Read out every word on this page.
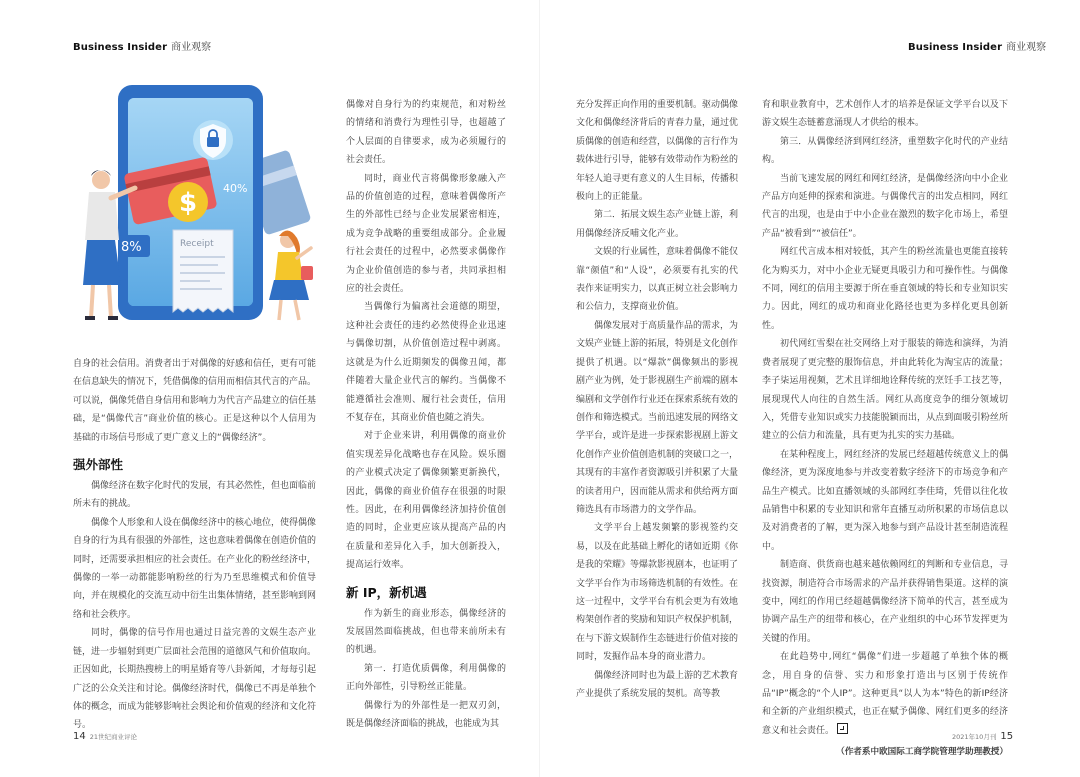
Business Insider 商业观察
$ 40%
8%	Receipt

自身的社会信用。消费者出于对偶像的好感和信任，更有可能在信息缺失的情况下，凭借偶像的信用而相信其代言的产品。可以说，偶像凭借自身信用和影响力为代言产品建立的信任基础，是“偶像代言”商业价值的核心。正是这种以个人信用为基础的市场信号形成了更广意义上的“偶像经济”。

强外部性

偶像经济在数字化时代的发展，有其必然性，但也面临前所未有的挑战。

偶像个人形象和人设在偶像经济中的核心地位，使得偶像自身的行为具有很强的外部性，这也意味着偶像在创造价值的同时，还需要承担相应的社会责任。在产业化的粉丝经济中，偶像的一举一动都能影响粉丝的行为乃至思维模式和价值导向，并在规模化的交流互动中衍生出集体情绪，甚至影响到网络和社会秩序。

同时，偶像的信号作用也通过日益完善的文娱生态产业链，进一步辐射到更广层面社会范围的道德风气和价值取向。正因如此，长期热搜榜上的明星婚育等八卦新闻，才每每引起广泛的公众关注和讨论。偶像经济时代，偶像已不再是单独个体的概念，而成为能够影响社会舆论和价值观的经济和文化符号。

偶像对自身行为的约束规范，和对粉丝的情绪和消费行为理性引导，也超越了个人层面的自律要求，成为必须履行的社会责任。

同时，商业代言将偶像形象融入产品的价值创造的过程，意味着偶像所产生的外部性已经与企业发展紧密相连，成为竞争战略的重要组成部分。企业履行社会责任的过程中，必然要求偶像作为企业价值创造的参与者，共同承担相应的社会责任。

当偶像行为偏离社会道德的期望，这种社会责任的违约必然使得企业迅速与偶像切割，从价值创造过程中剥离。这就是为什么近期频发的偶像丑闻，都伴随着大量企业代言的解约。当偶像不能遵循社会准则、履行社会责任，信用不复存在，其商业价值也随之消失。

对于企业来讲，利用偶像的商业价值实现差异化战略也存在风险。娱乐圈的产业模式决定了偶像频繁更新换代，因此，偶像的商业价值存在很强的时限性。因此，在利用偶像经济加持价值创造的同时，企业更应该从提高产品的内在质量和差异化入手，加大创新投入，提高运行效率。

新 IP，新机遇

作为新生的商业形态，偶像经济的发展固然面临挑战，但也带来前所未有的机遇。

第一．打造优质偶像，利用偶像的正向外部性，引导粉丝正能量。

偶像行为的外部性是一把双刃剑，既是偶像经济面临的挑战，也能成为其

14 21世纪商业评论
Business Insider 商业观察

充分发挥正向作用的重要机制。驱动偶像文化和偶像经济背后的青春力量，通过优质偶像的创造和经营，以偶像的言行作为载体进行引导，能够有效带动作为粉丝的年轻人追寻更有意义的人生目标，传播积极向上的正能量。

第二．拓展文娱生态产业链上游，利用偶像经济反哺文化产业。

文娱的行业属性，意味着偶像不能仅靠“颜值”和“人设”，必须要有扎实的代表作来证明实力，以真正树立社会影响力和公信力，支撑商业价值。

偶像发展对于高质量作品的需求，为文娱产业链上游的拓展，特别是文化创作提供了机遇。以“爆款”偶像频出的影视剧产业为例，处于影视剧生产前端的剧本编剧和文学创作行业还在探索系统有效的创作和筛选模式。当前迅速发展的网络文学平台，或许是进一步探索影视剧上游文化创作产业价值创造机制的突破口之一，其现有的丰富作者资源吸引并积累了大量的读者用户，因而能从需求和供给两方面筛选具有市场潜力的文学作品。

文学平台上越发频繁的影视签约交易，以及在此基础上孵化的诸如近期《你是我的荣耀》等爆款影视剧本，也证明了文学平台作为市场筛选机制的有效性。在这一过程中，文学平台有机会更为有效地构架创作者的奖励和知识产权保护机制，在与下游文娱制作生态链进行价值对接的同时，发掘作品本身的商业潜力。

偶像经济同时也为最上游的艺术教育产业提供了系统发展的契机。高等教

育和职业教育中，艺术创作人才的培养是保证文学平台以及下游文娱生态链蓄意涌现人才供给的根本。

第三．从偶像经济到网红经济，重塑数字化时代的产业结构。

当前飞速发展的网红和网红经济，是偶像经济向中小企业产品方向延伸的探索和演进。与偶像代言的出发点相同，网红代言的出现，也是由于中小企业在激烈的数字化市场上，希望产品“被看到”“被信任”。

网红代言成本相对较低，其产生的粉丝流量也更能直接转化为购买力，对中小企业无疑更具吸引力和可操作性。与偶像不同，网红的信用主要源于所在垂直领域的特长和专业知识实力。因此，网红的成功和商业化路径也更为多样化更具创新性。

初代网红雪梨在社交网络上对于服装的筛选和演绎，为消费者展现了更完整的服饰信息，并由此转化为淘宝店的流量；李子柒运用视频，艺术且详细地诠释传统的烹饪手工技艺等，展现现代人向往的自然生活。网红从高度竞争的细分领域切入，凭借专业知识或实力技能脱颖而出，从点到面吸引粉丝所建立的公信力和流量，具有更为扎实的实力基础。

在某种程度上，网红经济的发展已经超越传统意义上的偶像经济，更为深度地参与并改变着数字经济下的市场竞争和产品生产模式。比如直播领域的头部网红李佳琦，凭借以往化妆品销售中积累的专业知识和常年直播互动所积累的市场信息以及对消费者的了解，更为深入地参与到产品设计甚至制造流程中。

制造商、供货商也越来越依赖网红的判断和专业信息，寻找资源，制造符合市场需求的产品并获得销售渠道。这样的演变中，网红的作用已经超越偶像经济下简单的代言，甚至成为协调产品生产的纽带和核心，在产业组织的中心环节发挥更为关键的作用。

在此趋势中,网红“偶像”们进一步超越了单独个体的概念，用自身的信誉、实力和形象打造出与区别于传统作品“IP”概念的“个人IP”。这种更具“以人为本”特色的新IP经济和全新的产业组织模式，也正在赋予偶像、网红们更多的经济意义和社会责任。

（作者系中欧国际工商学院管理学助理教授）

2021年10月刊 15
